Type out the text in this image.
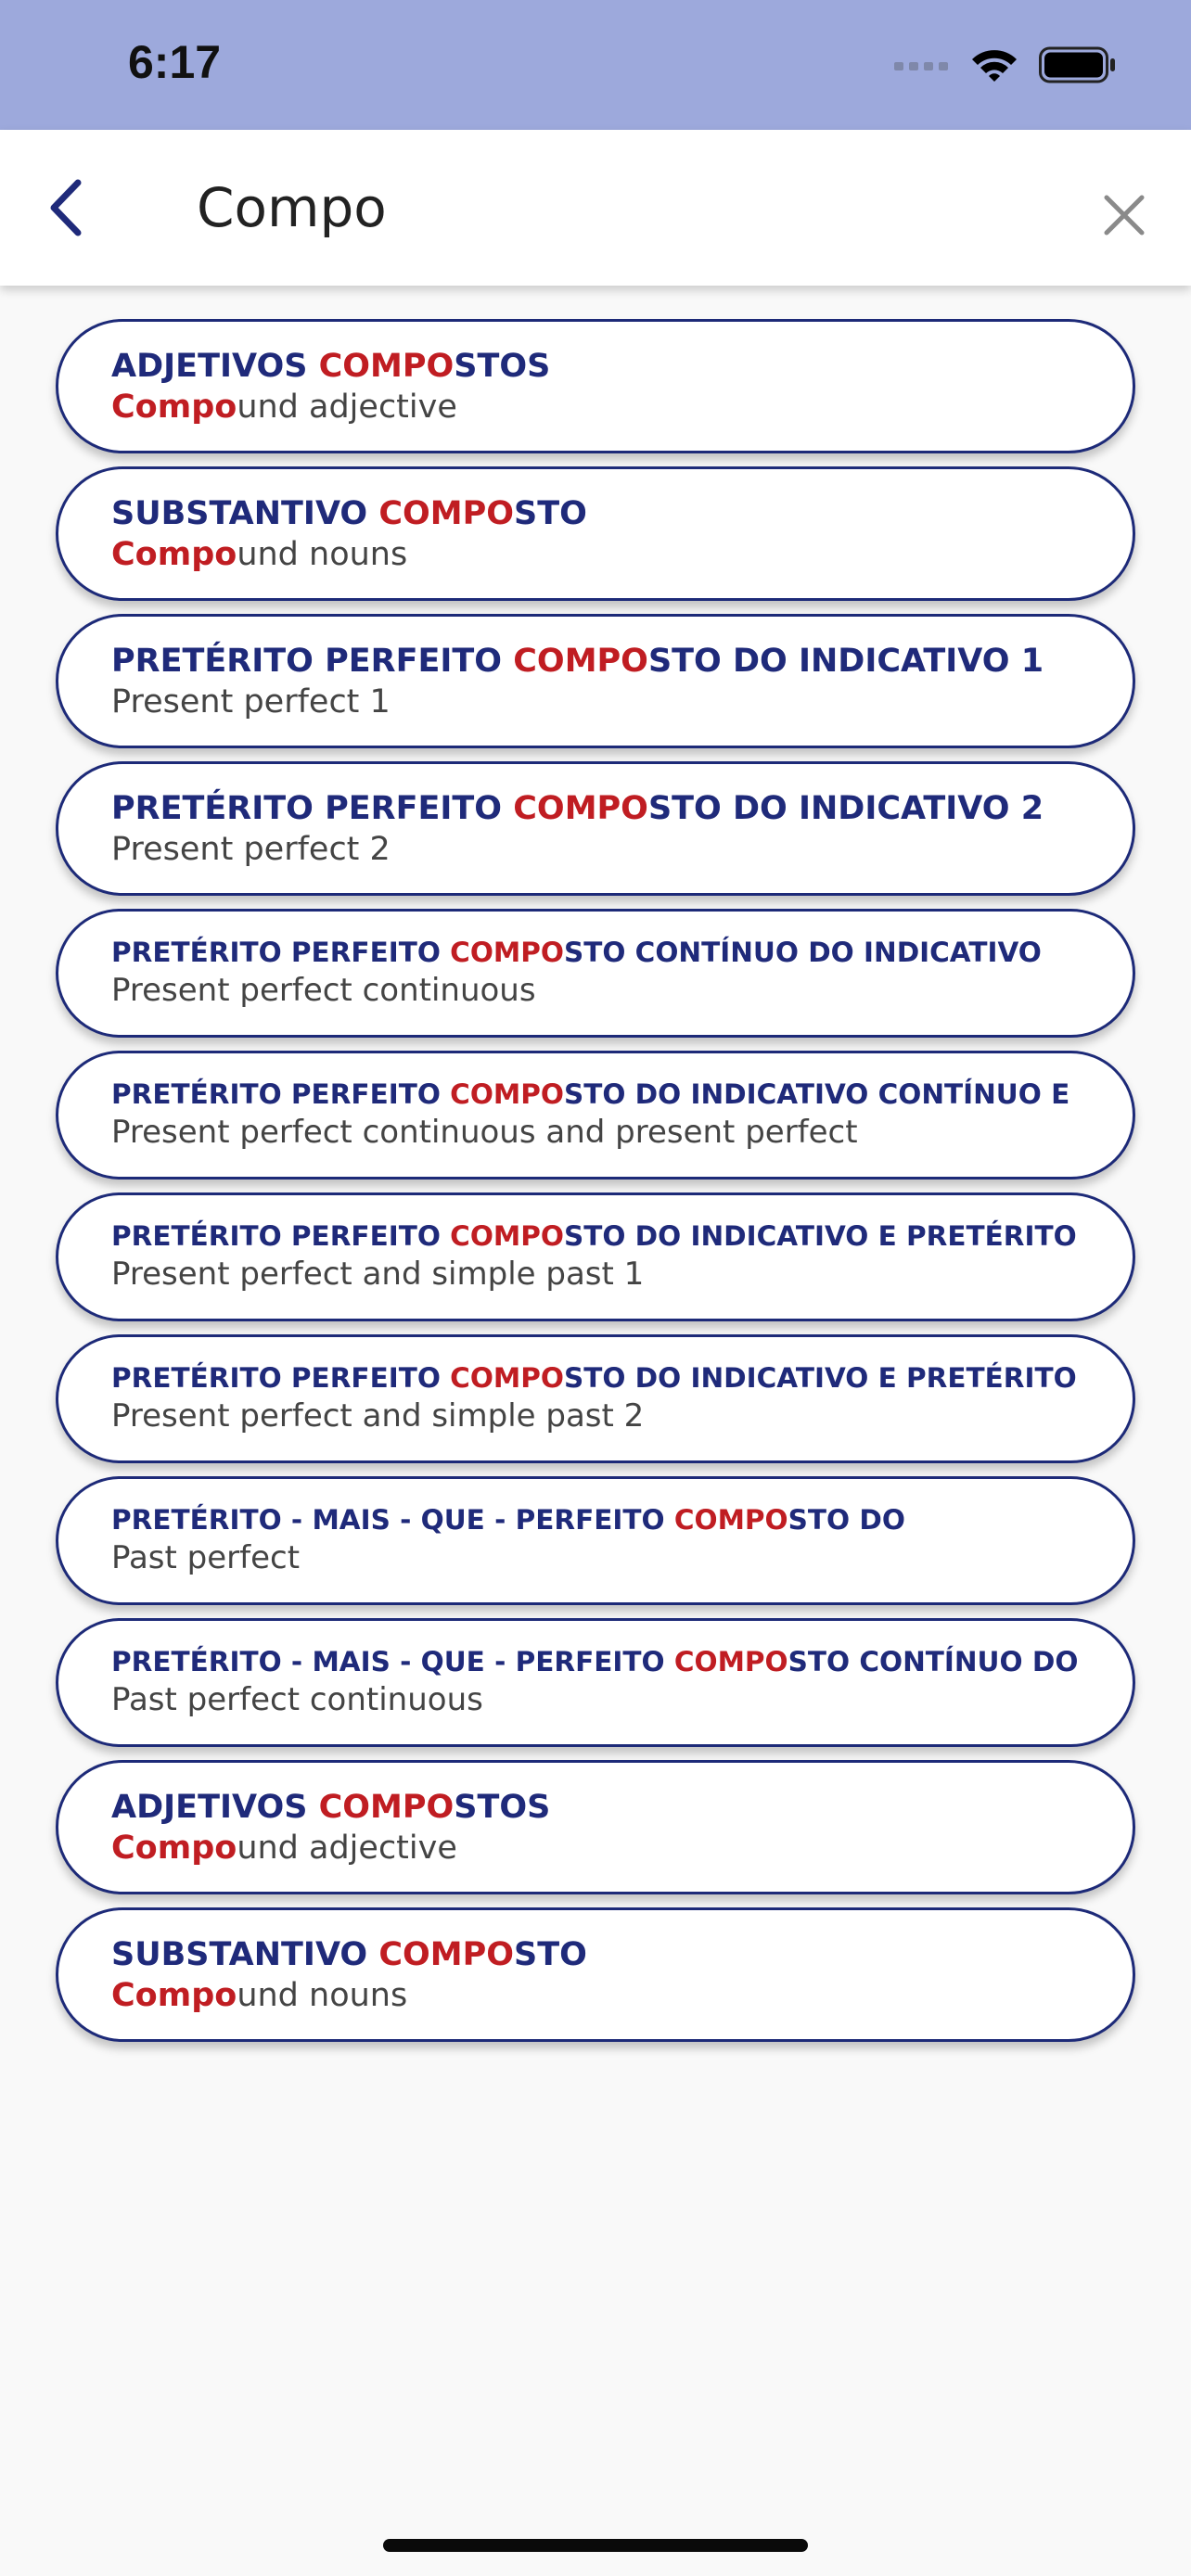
6:17
Compo
ADJETIVOS COMPOSTOS
Compound adjective
SUBSTANTIVO COMPOSTO
Compound nouns
PRETÉRITO PERFEITO COMPOSTO DO INDICATIVO 1
Present perfect 1
PRETÉRITO PERFEITO COMPOSTO DO INDICATIVO 2
Present perfect 2
PRETÉRITO PERFEITO COMPOSTO CONTÍNUO DO INDICATIVO
Present perfect continuous
PRETÉRITO PERFEITO COMPOSTO DO INDICATIVO CONTÍNUO E
Present perfect continuous and present perfect
PRETÉRITO PERFEITO COMPOSTO DO INDICATIVO E PRETÉRITO
Present perfect and simple past 1
PRETÉRITO PERFEITO COMPOSTO DO INDICATIVO E PRETÉRITO
Present perfect and simple past 2
PRETÉRITO - MAIS - QUE - PERFEITO COMPOSTO DO
Past perfect
PRETÉRITO - MAIS - QUE - PERFEITO COMPOSTO CONTÍNUO DO
Past perfect continuous
ADJETIVOS COMPOSTOS
Compound adjective
SUBSTANTIVO COMPOSTO
Compound nouns
